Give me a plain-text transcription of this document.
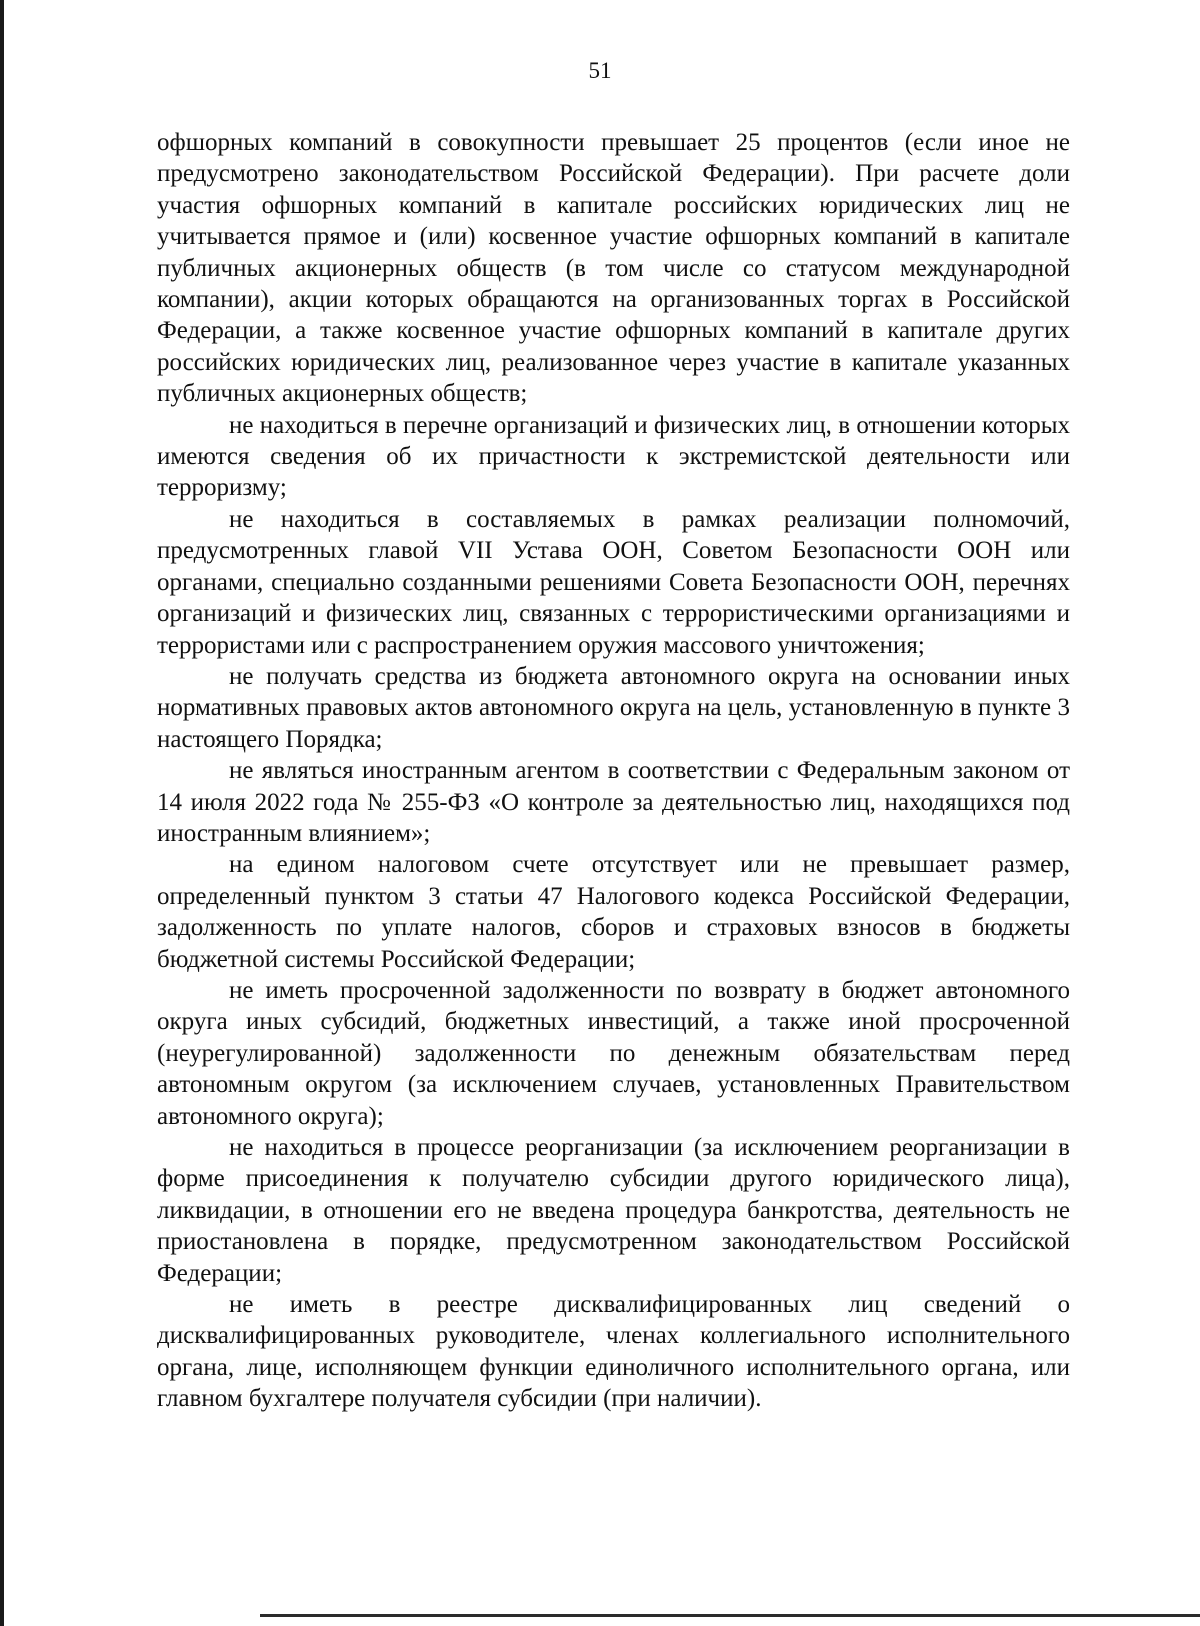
51

офшорных компаний в совокупности превышает 25 процентов (если иное не предусмотрено законодательством Российской Федерации). При расчете доли участия офшорных компаний в капитале российских юридических лиц не учитывается прямое и (или) косвенное участие офшорных компаний в капитале публичных акционерных обществ (в том числе со статусом международной компании), акции которых обращаются на организованных торгах в Российской Федерации, а также косвенное участие офшорных компаний в капитале других российских юридических лиц, реализованное через участие в капитале указанных публичных акционерных обществ;

не находиться в перечне организаций и физических лиц, в отношении которых имеются сведения об их причастности к экстремистской деятельности или терроризму;

не находиться в составляемых в рамках реализации полномочий, предусмотренных главой VII Устава ООН, Советом Безопасности ООН или органами, специально созданными решениями Совета Безопасности ООН, перечнях организаций и физических лиц, связанных с террористическими организациями и террористами или с распространением оружия массового уничтожения;

не получать средства из бюджета автономного округа на основании иных нормативных правовых актов автономного округа на цель, установленную в пункте 3 настоящего Порядка;

не являться иностранным агентом в соответствии с Федеральным законом от 14 июля 2022 года № 255-ФЗ «О контроле за деятельностью лиц, находящихся под иностранным влиянием»;

на едином налоговом счете отсутствует или не превышает размер, определенный пунктом 3 статьи 47 Налогового кодекса Российской Федерации, задолженность по уплате налогов, сборов и страховых взносов в бюджеты бюджетной системы Российской Федерации;

не иметь просроченной задолженности по возврату в бюджет автономного округа иных субсидий, бюджетных инвестиций, а также иной просроченной (неурегулированной) задолженности по денежным обязательствам перед автономным округом (за исключением случаев, установленных Правительством автономного округа);

не находиться в процессе реорганизации (за исключением реорганизации в форме присоединения к получателю субсидии другого юридического лица), ликвидации, в отношении его не введена процедура банкротства, деятельность не приостановлена в порядке, предусмотренном законодательством Российской Федерации;

не иметь в реестре дисквалифицированных лиц сведений о дисквалифицированных руководителе, членах коллегиального исполнительного органа, лице, исполняющем функции единоличного исполнительного органа, или главном бухгалтере получателя субсидии (при наличии).
